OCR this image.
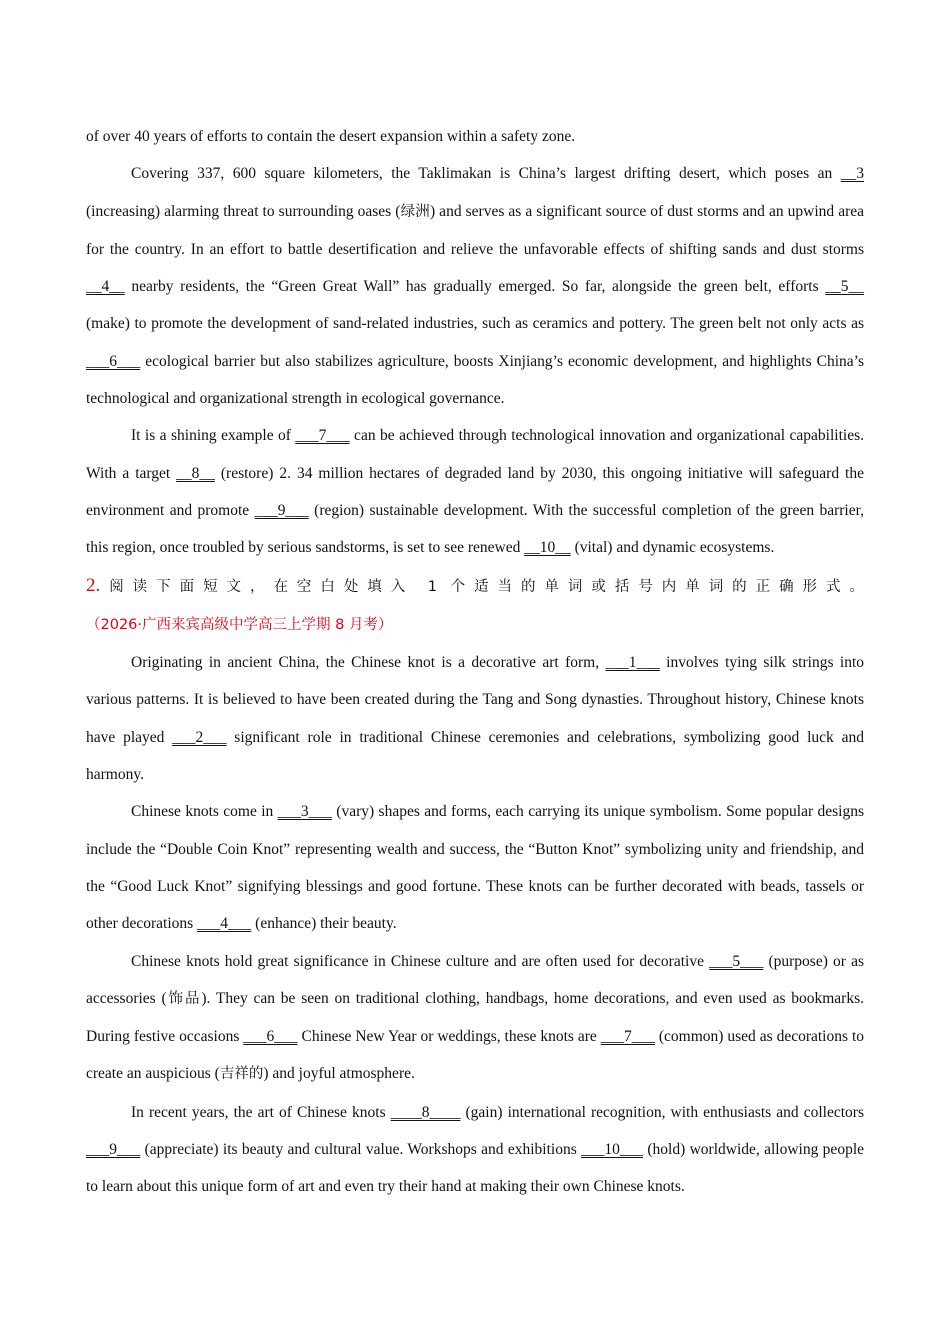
of over 40 years of efforts to contain the desert expansion within a safety zone.

Covering 337, 600 square kilometers, the Taklimakan is China’s largest drifting desert, which poses an __3 (increasing) alarming threat to surrounding oases (绿洲) and serves as a significant source of dust storms and an upwind area for the country. In an effort to battle desertification and relieve the unfavorable effects of shifting sands and dust storms __4__ nearby residents, the “Green Great Wall” has gradually emerged. So far, alongside the green belt, efforts __5__ (make) to promote the development of sand-related industries, such as ceramics and pottery. The green belt not only acts as ___6___ ecological barrier but also stabilizes agriculture, boosts Xinjiang’s economic development, and highlights China’s technological and organizational strength in ecological governance.

It is a shining example of ___7___ can be achieved through technological innovation and organizational capabilities. With a target __8__ (restore) 2. 34 million hectares of degraded land by 2030, this ongoing initiative will safeguard the environment and promote ___9___ (region) sustainable development. With the successful completion of the green barrier, this region, once troubled by serious sandstorms, is set to see renewed __10__ (vital) and dynamic ecosystems.

2.阅读下面短文，在空白处填入 1 个适当的单词或括号内单词的正确形式。（2026·广西来宾高级中学高三上学期 8 月考）

Originating in ancient China, the Chinese knot is a decorative art form, ___1___ involves tying silk strings into various patterns. It is believed to have been created during the Tang and Song dynasties. Throughout history, Chinese knots have played ___2___ significant role in traditional Chinese ceremonies and celebrations, symbolizing good luck and harmony.

Chinese knots come in ___3___ (vary) shapes and forms, each carrying its unique symbolism. Some popular designs include the “Double Coin Knot” representing wealth and success, the “Button Knot” symbolizing unity and friendship, and the “Good Luck Knot” signifying blessings and good fortune. These knots can be further decorated with beads, tassels or other decorations ___4___ (enhance) their beauty.

Chinese knots hold great significance in Chinese culture and are often used for decorative ___5___ (purpose) or as accessories (饰品). They can be seen on traditional clothing, handbags, home decorations, and even used as bookmarks. During festive occasions ___6___ Chinese New Year or weddings, these knots are ___7___ (common) used as decorations to create an auspicious (吉祥的) and joyful atmosphere.

In recent years, the art of Chinese knots ____8____ (gain) international recognition, with enthusiasts and collectors ___9___ (appreciate) its beauty and cultural value. Workshops and exhibitions ___10___ (hold) worldwide, allowing people to learn about this unique form of art and even try their hand at making their own Chinese knots.
